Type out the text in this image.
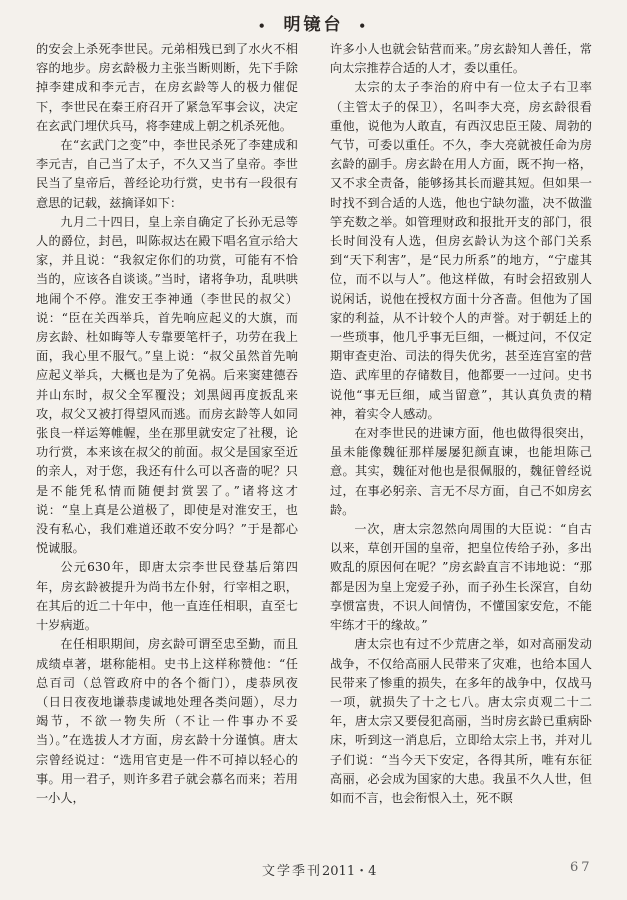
• 明镜台 •

的安会上杀死李世民。元弟相残已到了水火不相容的地步。房玄龄极力主张当断则断，先下手除掉李建成和李元吉，在房玄龄等人的极力催促下，李世民在秦王府召开了紧急军事会议，决定在玄武门埋伏兵马，将李建成上朝之机杀死他。

在“玄武门之变”中，李世民杀死了李建成和李元吉，自己当了太子，不久又当了皇帝。李世民当了皇帝后，普经论功行赏，史书有一段很有意思的记载，兹摘译如下：

九月二十四日，皇上亲自确定了长孙无忌等人的爵位，封邑，叫陈叔达在殿下唱名宣示给大家，并且说：“我叙定你们的功赏，可能有不恰当的，应该各自谈谈。”当时，诸将争功，乱哄哄地闹个不停。淮安王李神通（李世民的叔父）说：“臣在关西举兵，首先响应起义的大旗，而房玄龄、杜如晦等人专靠要笔杆子，功劳在我上面，我心里不服气。”皇上说：“叔父虽然首先响应起义举兵，大概也是为了免祸。后来窦建德吞并山东时，叔父全军覆没；刘黑闼再度扳乱来攻，叔父又被打得望风而逃。而房玄龄等人如同张良一样运筹帷幄，坐在那里就安定了社稷，论功行赏，本来该在叔父的前面。叔父是国家至近的亲人，对于您，我还有什么可以吝啬的呢？只是不能凭私情而随便封赏罢了。”诸将这才说：“皇上真是公道极了，即使是对淮安王，也没有私心，我们难道还敢不安分吗？”于是都心悦诚服。

公元630年，即唐太宗李世民登基后第四年，房玄龄被提升为尚书左仆射，行宰相之职，在其后的近二十年中，他一直连任相职，直至七十岁病逝。

在任相职期间，房玄龄可谓至忠至勤，而且成绩卓著，堪称能相。史书上这样称赞他：“任总百司（总管政府中的各个衙门），虔恭夙夜（日日夜夜地谦恭虔诚地处理各类问题），尽力竭节，不欲一物失所（不让一件事办不妥当）。”在选拔人才方面，房玄龄十分谨慎。唐太宗曾经说过：“选用官吏是一件不可掉以轻心的事。用一君子，则许多君子就会慕名而来；若用一小人，

许多小人也就会钻营而来。”房玄龄知人善任，常向太宗推荐合适的人才，委以重任。

太宗的太子李治的府中有一位太子右卫率（主管太子的保卫），名叫李大亮，房玄龄很看重他，说他为人敢直，有西汉忠臣王陵、周勃的气节，可委以重任。不久，李大亮就被任命为房玄龄的副手。房玄龄在用人方面，既不拘一格，又不求全责备，能够扬其长而避其短。但如果一时找不到合适的人选，他也宁缺勿滥，决不做滥竽充数之举。如管理财政和报批开支的部门，很长时间没有人选，但房玄龄认为这个部门关系到“天下利害”，是“民力所系”的地方，“宁虚其位，而不以与人”。他这样做，有时会招致别人说闲话，说他在授权方面十分吝啬。但他为了国家的利益，从不计较个人的声誉。对于朝廷上的一些琐事，他几乎事无巨细，一概过问，不仅定期审查吏治、司法的得失优劣，甚至连宫室的营造、武库里的存储数目，他都要一一过问。史书说他“事无巨细，咸当留意”，其认真负责的精神，着实令人感动。

在对李世民的进谏方面，他也做得很突出，虽未能像魏征那样屡屡犯颜直谏，也能坦陈己意。其实，魏征对他也是很佩服的，魏征曾经说过，在事必躬亲、言无不尽方面，自己不如房玄龄。

一次，唐太宗忽然向周围的大臣说：“自古以来，草创开国的皇帝，把皇位传给子孙，多出败乱的原因何在呢？”房玄龄直言不讳地说：“那都是因为皇上宠爱子孙，而子孙生长深宫，自幼享惯富贵，不识人间情伪，不懂国家安危，不能牢练才干的缘故。”

唐太宗也有过不少荒唐之举，如对高丽发动战争，不仅给高丽人民带来了灾难，也给本国人民带来了惨重的损失，在多年的战争中，仅战马一项，就损失了十之七八。唐太宗贞观二十二年，唐太宗又要侵犯高丽，当时房玄龄已重病卧床，听到这一消息后，立即给太宗上书，并对儿子们说：“当今天下安定，各得其所，唯有东征高丽，必会成为国家的大患。我虽不久人世，但如而不言，也会衔恨入土，死不瞑

文学季刊 2011・4	67
